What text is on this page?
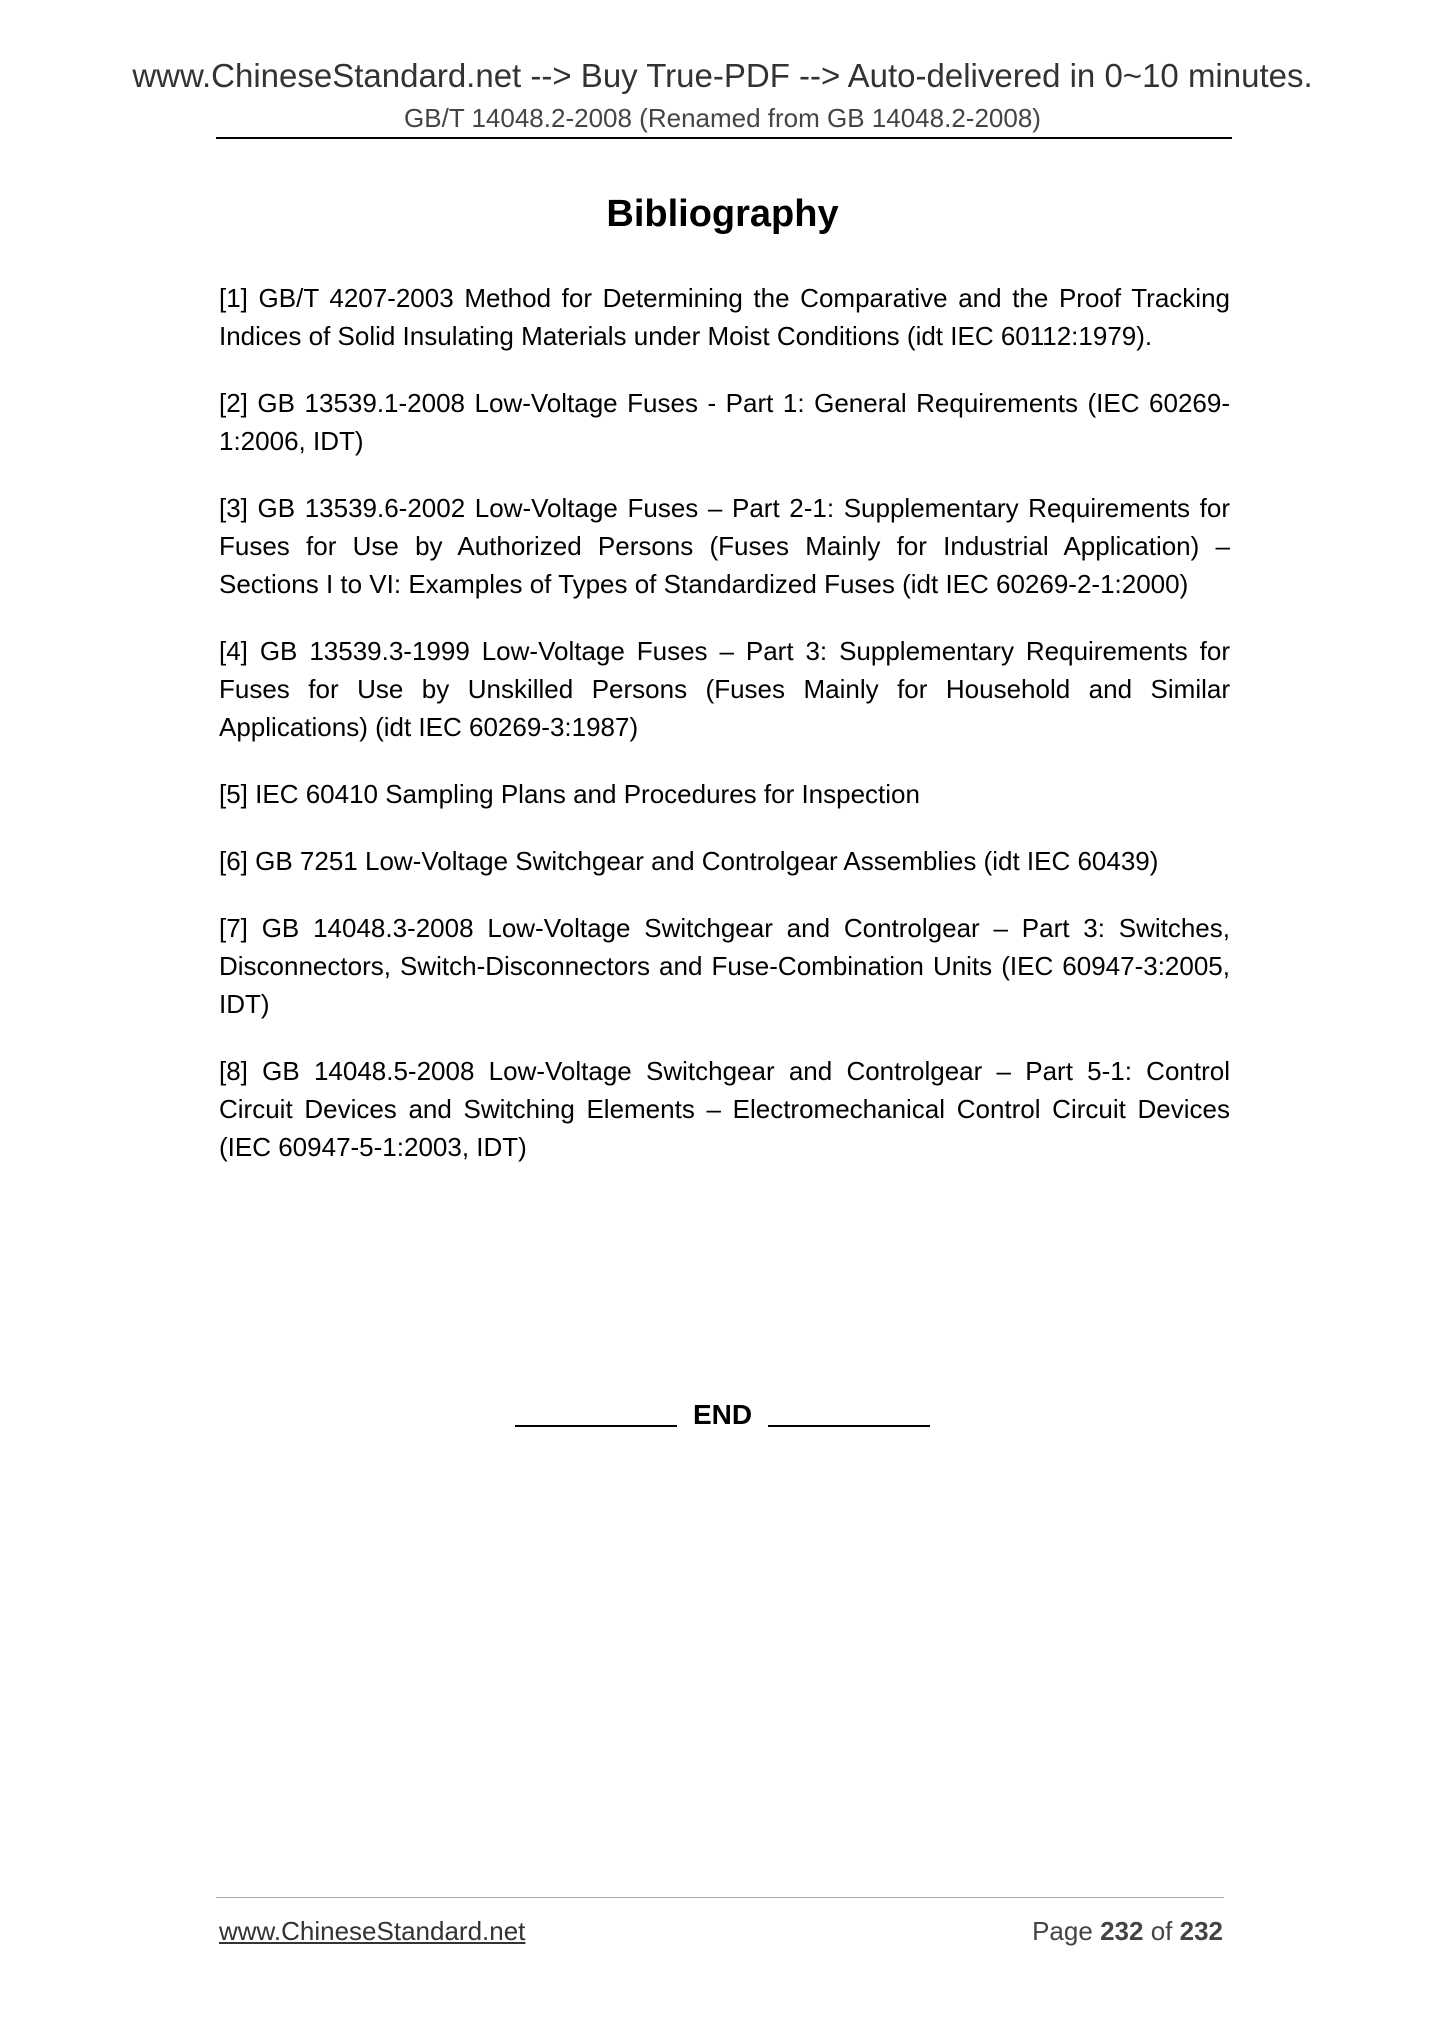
www.ChineseStandard.net --> Buy True-PDF --> Auto-delivered in 0~10 minutes.
GB/T 14048.2-2008 (Renamed from GB 14048.2-2008)
Bibliography
[1] GB/T 4207-2003 Method for Determining the Comparative and the Proof Tracking Indices of Solid Insulating Materials under Moist Conditions (idt IEC 60112:1979).
[2] GB 13539.1-2008 Low-Voltage Fuses - Part 1: General Requirements (IEC 60269-1:2006, IDT)
[3] GB 13539.6-2002 Low-Voltage Fuses – Part 2-1: Supplementary Requirements for Fuses for Use by Authorized Persons (Fuses Mainly for Industrial Application) – Sections I to VI: Examples of Types of Standardized Fuses (idt IEC 60269-2-1:2000)
[4] GB 13539.3-1999 Low-Voltage Fuses – Part 3: Supplementary Requirements for Fuses for Use by Unskilled Persons (Fuses Mainly for Household and Similar Applications) (idt IEC 60269-3:1987)
[5] IEC 60410 Sampling Plans and Procedures for Inspection
[6] GB 7251 Low-Voltage Switchgear and Controlgear Assemblies (idt IEC 60439)
[7] GB 14048.3-2008 Low-Voltage Switchgear and Controlgear – Part 3: Switches, Disconnectors, Switch-Disconnectors and Fuse-Combination Units (IEC 60947-3:2005, IDT)
[8] GB 14048.5-2008 Low-Voltage Switchgear and Controlgear – Part 5-1: Control Circuit Devices and Switching Elements – Electromechanical Control Circuit Devices (IEC 60947-5-1:2003, IDT)
END
www.ChineseStandard.net	Page 232 of 232
